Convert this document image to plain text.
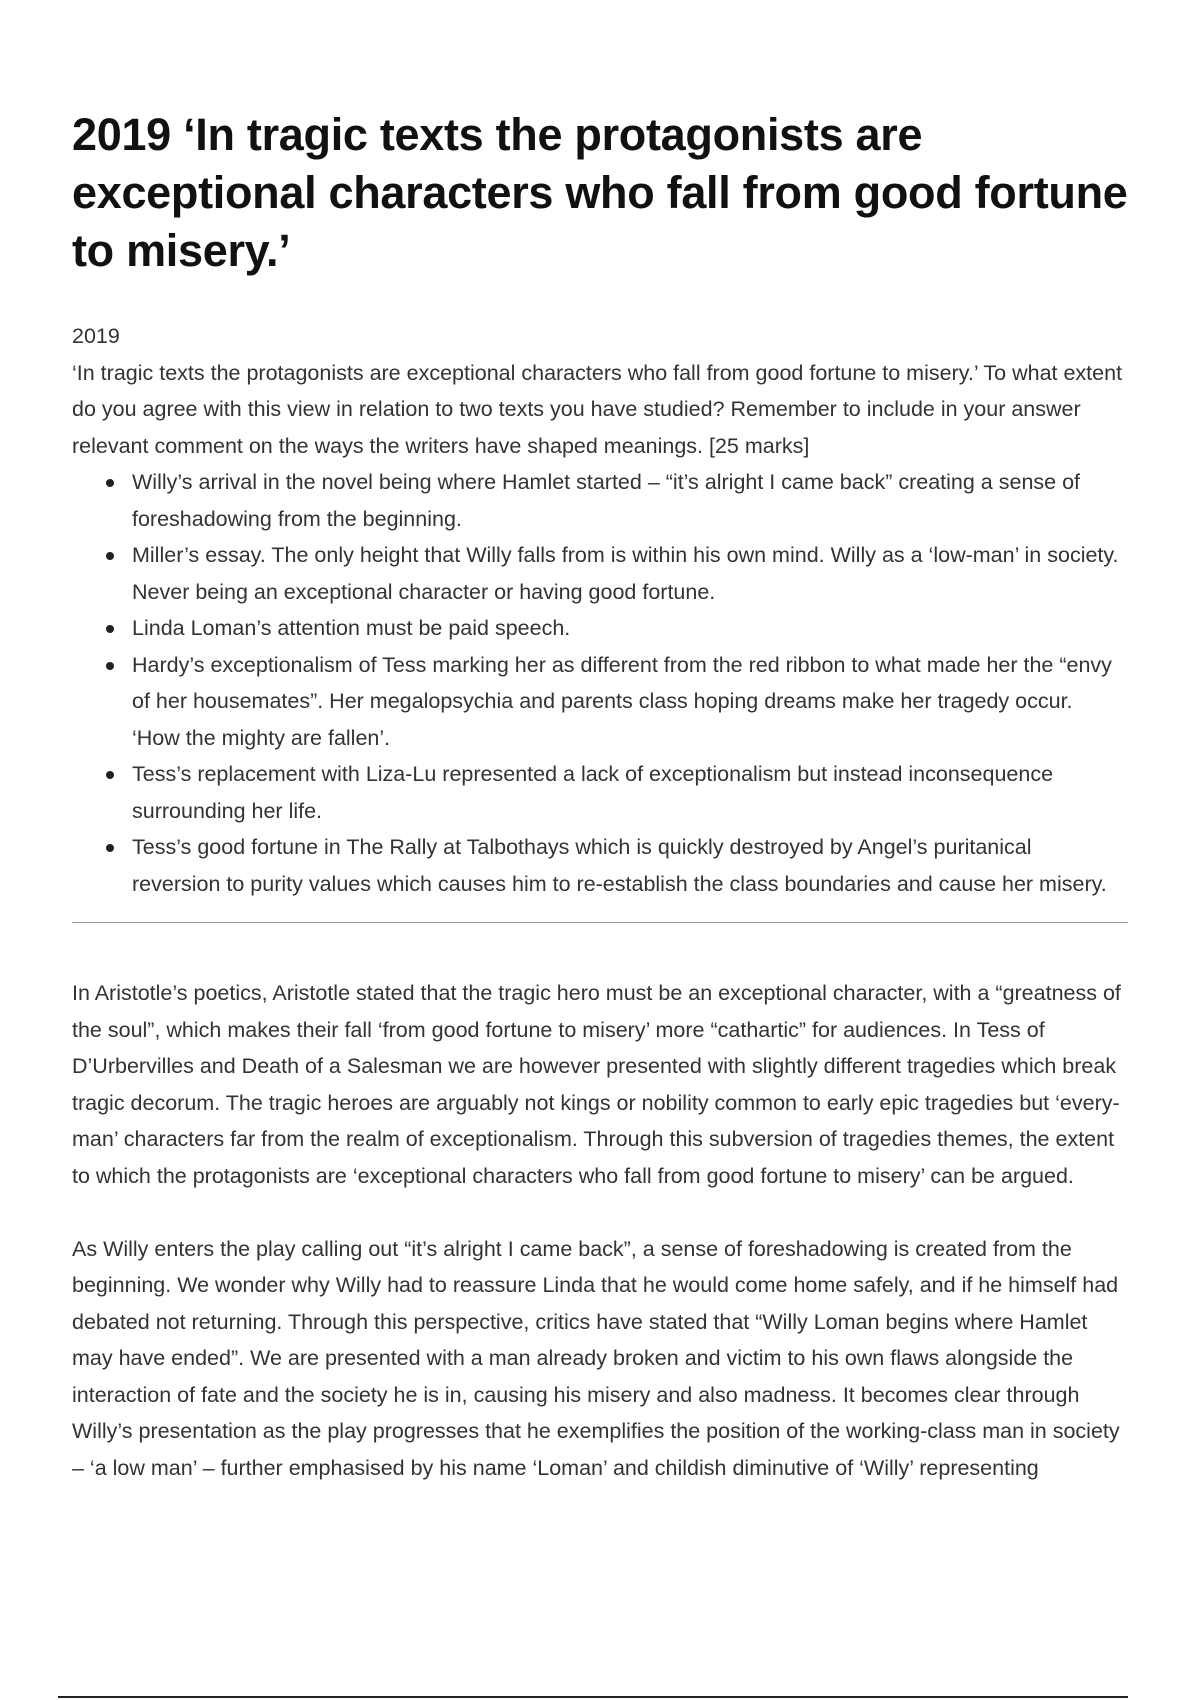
2019 ‘In tragic texts the protagonists are exceptional characters who fall from good fortune to misery.’
2019
‘In tragic texts the protagonists are exceptional characters who fall from good fortune to misery.’ To what extent do you agree with this view in relation to two texts you have studied? Remember to include in your answer relevant comment on the ways the writers have shaped meanings. [25 marks]
Willy’s arrival in the novel being where Hamlet started – “it’s alright I came back” creating a sense of foreshadowing from the beginning.
Miller’s essay. The only height that Willy falls from is within his own mind. Willy as a ‘low-man’ in society. Never being an exceptional character or having good fortune.
Linda Loman’s attention must be paid speech.
Hardy’s exceptionalism of Tess marking her as different from the red ribbon to what made her the “envy of her housemates”. Her megalopsychia and parents class hoping dreams make her tragedy occur. ‘How the mighty are fallen’.
Tess’s replacement with Liza-Lu represented a lack of exceptionalism but instead inconsequence surrounding her life.
Tess’s good fortune in The Rally at Talbothays which is quickly destroyed by Angel’s puritanical reversion to purity values which causes him to re-establish the class boundaries and cause her misery.

In Aristotle’s poetics, Aristotle stated that the tragic hero must be an exceptional character, with a “greatness of the soul”, which makes their fall ‘from good fortune to misery’ more “cathartic” for audiences. In Tess of D’Urbervilles and Death of a Salesman we are however presented with slightly different tragedies which break tragic decorum. The tragic heroes are arguably not kings or nobility common to early epic tragedies but ‘every-man’ characters far from the realm of exceptionalism. Through this subversion of tragedies themes, the extent to which the protagonists are ‘exceptional characters who fall from good fortune to misery’ can be argued.

As Willy enters the play calling out “it’s alright I came back”, a sense of foreshadowing is created from the beginning. We wonder why Willy had to reassure Linda that he would come home safely, and if he himself had debated not returning. Through this perspective, critics have stated that “Willy Loman begins where Hamlet may have ended”. We are presented with a man already broken and victim to his own flaws alongside the interaction of fate and the society he is in, causing his misery and also madness. It becomes clear through Willy’s presentation as the play progresses that he exemplifies the position of the working-class man in society – ‘a low man’ – further emphasised by his name ‘Loman’ and childish diminutive of ‘Willy’ representing
